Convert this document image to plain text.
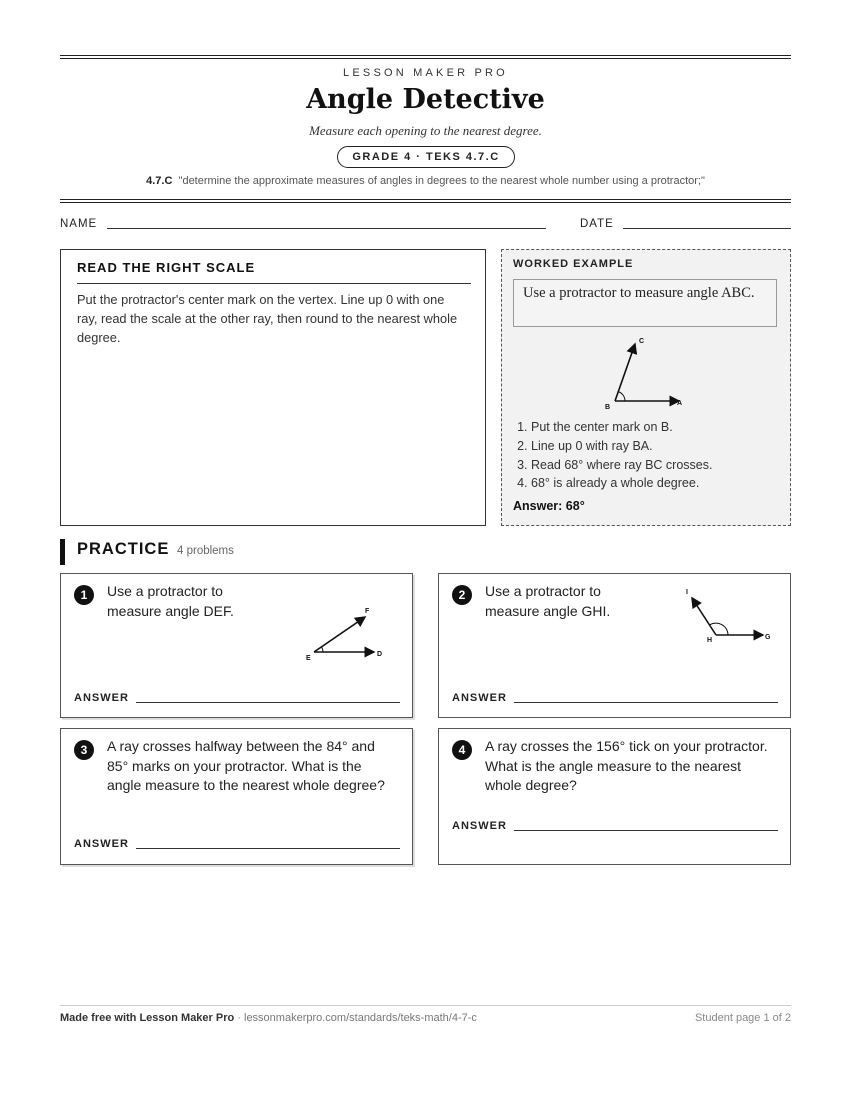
LESSON MAKER PRO
Angle Detective
Measure each opening to the nearest degree.
GRADE 4 · TEKS 4.7.C
4.7.C "determine the approximate measures of angles in degrees to the nearest whole number using a protractor;"
NAME	DATE
READ THE RIGHT SCALE
Put the protractor's center mark on the vertex. Line up 0 with one ray, read the scale at the other ray, then round to the nearest whole degree.
WORKED EXAMPLE
Use a protractor to measure angle ABC.
B
A
C
1. Put the center mark on B.
2. Line up 0 with ray BA.
3. Read 68° where ray BC crosses.
4. 68° is already a whole degree.
Answer: 68°
PRACTICE 4 problems
1	Use a protractor to measure angle DEF.
E
D
F
ANSWER
2	Use a protractor to measure angle GHI.
H	G
I
ANSWER
3	A ray crosses halfway between the 84° and 85° marks on your protractor. What is the angle measure to the nearest whole degree?
ANSWER
4	A ray crosses the 156° tick on your protractor. What is the angle measure to the nearest whole degree?
ANSWER
Made free with Lesson Maker Pro · lessonmakerpro.com/standards/teks-math/4-7-c	Student page 1 of 2
